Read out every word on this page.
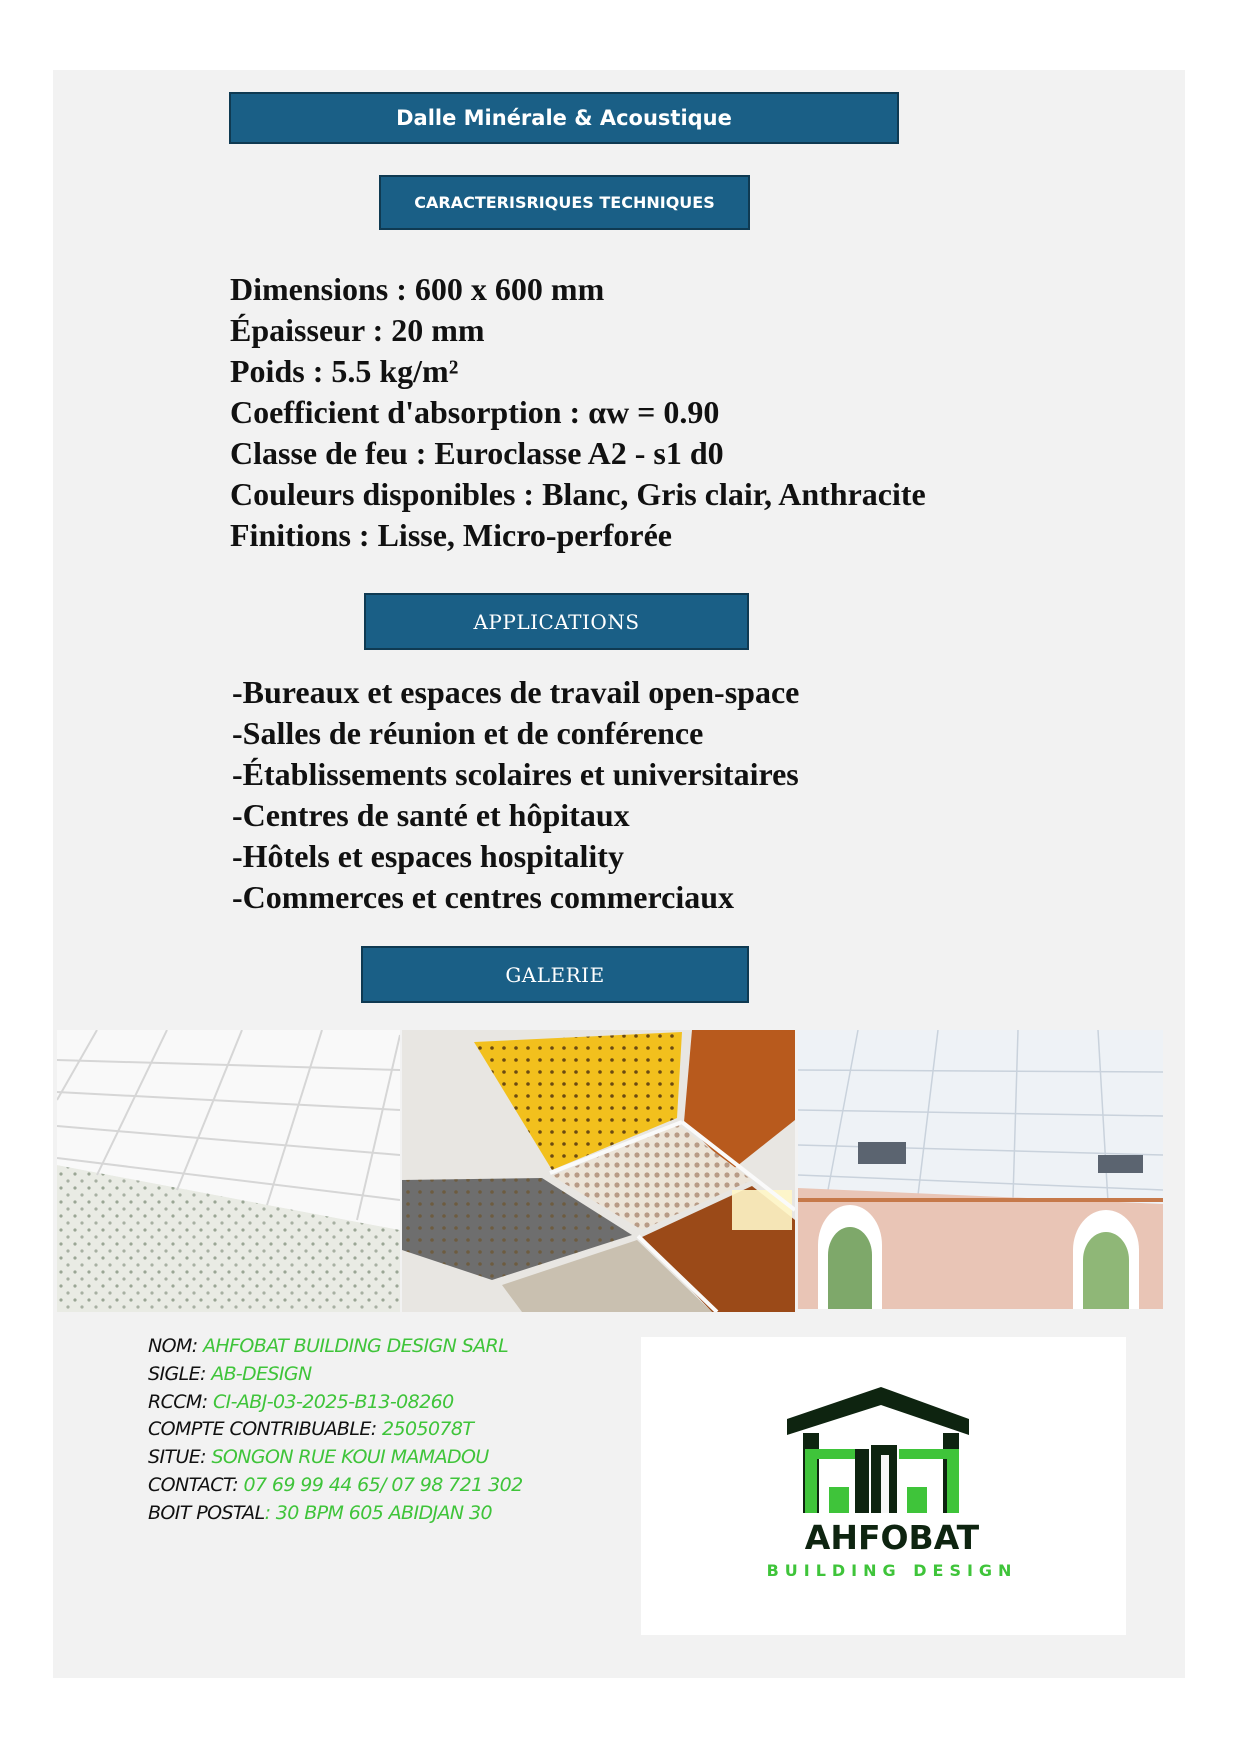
Dalle Minérale & Acoustique
CARACTERISRIQUES TECHNIQUES
Dimensions : 600 x 600 mm
Épaisseur : 20 mm
Poids : 5.5 kg/m²
Coefficient d'absorption : αw = 0.90
Classe de feu : Euroclasse A2 - s1 d0
Couleurs disponibles : Blanc, Gris clair, Anthracite
Finitions : Lisse, Micro-perforée
APPLICATIONS
-Bureaux et espaces de travail open-space
-Salles de réunion et de conférence
-Établissements scolaires et universitaires
-Centres de santé et hôpitaux
-Hôtels et espaces hospitality
-Commerces et centres commerciaux
GALERIE
NOM: AHFOBAT BUILDING DESIGN SARL
SIGLE: AB-DESIGN
RCCM: CI-ABJ-03-2025-B13-08260
COMPTE CONTRIBUABLE: 2505078T
SITUE: SONGON RUE KOUI MAMADOU
CONTACT: 07 69 99 44 65/ 07 98 721 302
BOIT POSTAL: 30 BPM 605 ABIDJAN 30
AHFOBAT
BUILDING DESIGN
